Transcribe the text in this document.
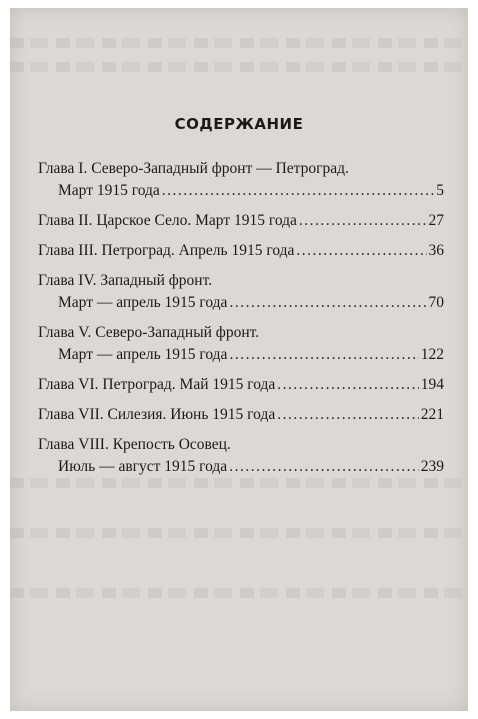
СОДЕРЖАНИЕ
Глава I. Северо-Западный фронт — Петроград.
Март 1915 года .....	5
Глава II. Царское Село. Март 1915 года .....	27
Глава III. Петроград. Апрель 1915 года .....	36
Глава IV. Западный фронт.
Март — апрель 1915 года .....	70
Глава V. Северо-Западный фронт.
Март — апрель 1915 года .....	122
Глава VI. Петроград. Май 1915 года .....	194
Глава VII. Силезия. Июнь 1915 года .....	221
Глава VIII. Крепость Осовец.
Июль — август 1915 года .....	239
